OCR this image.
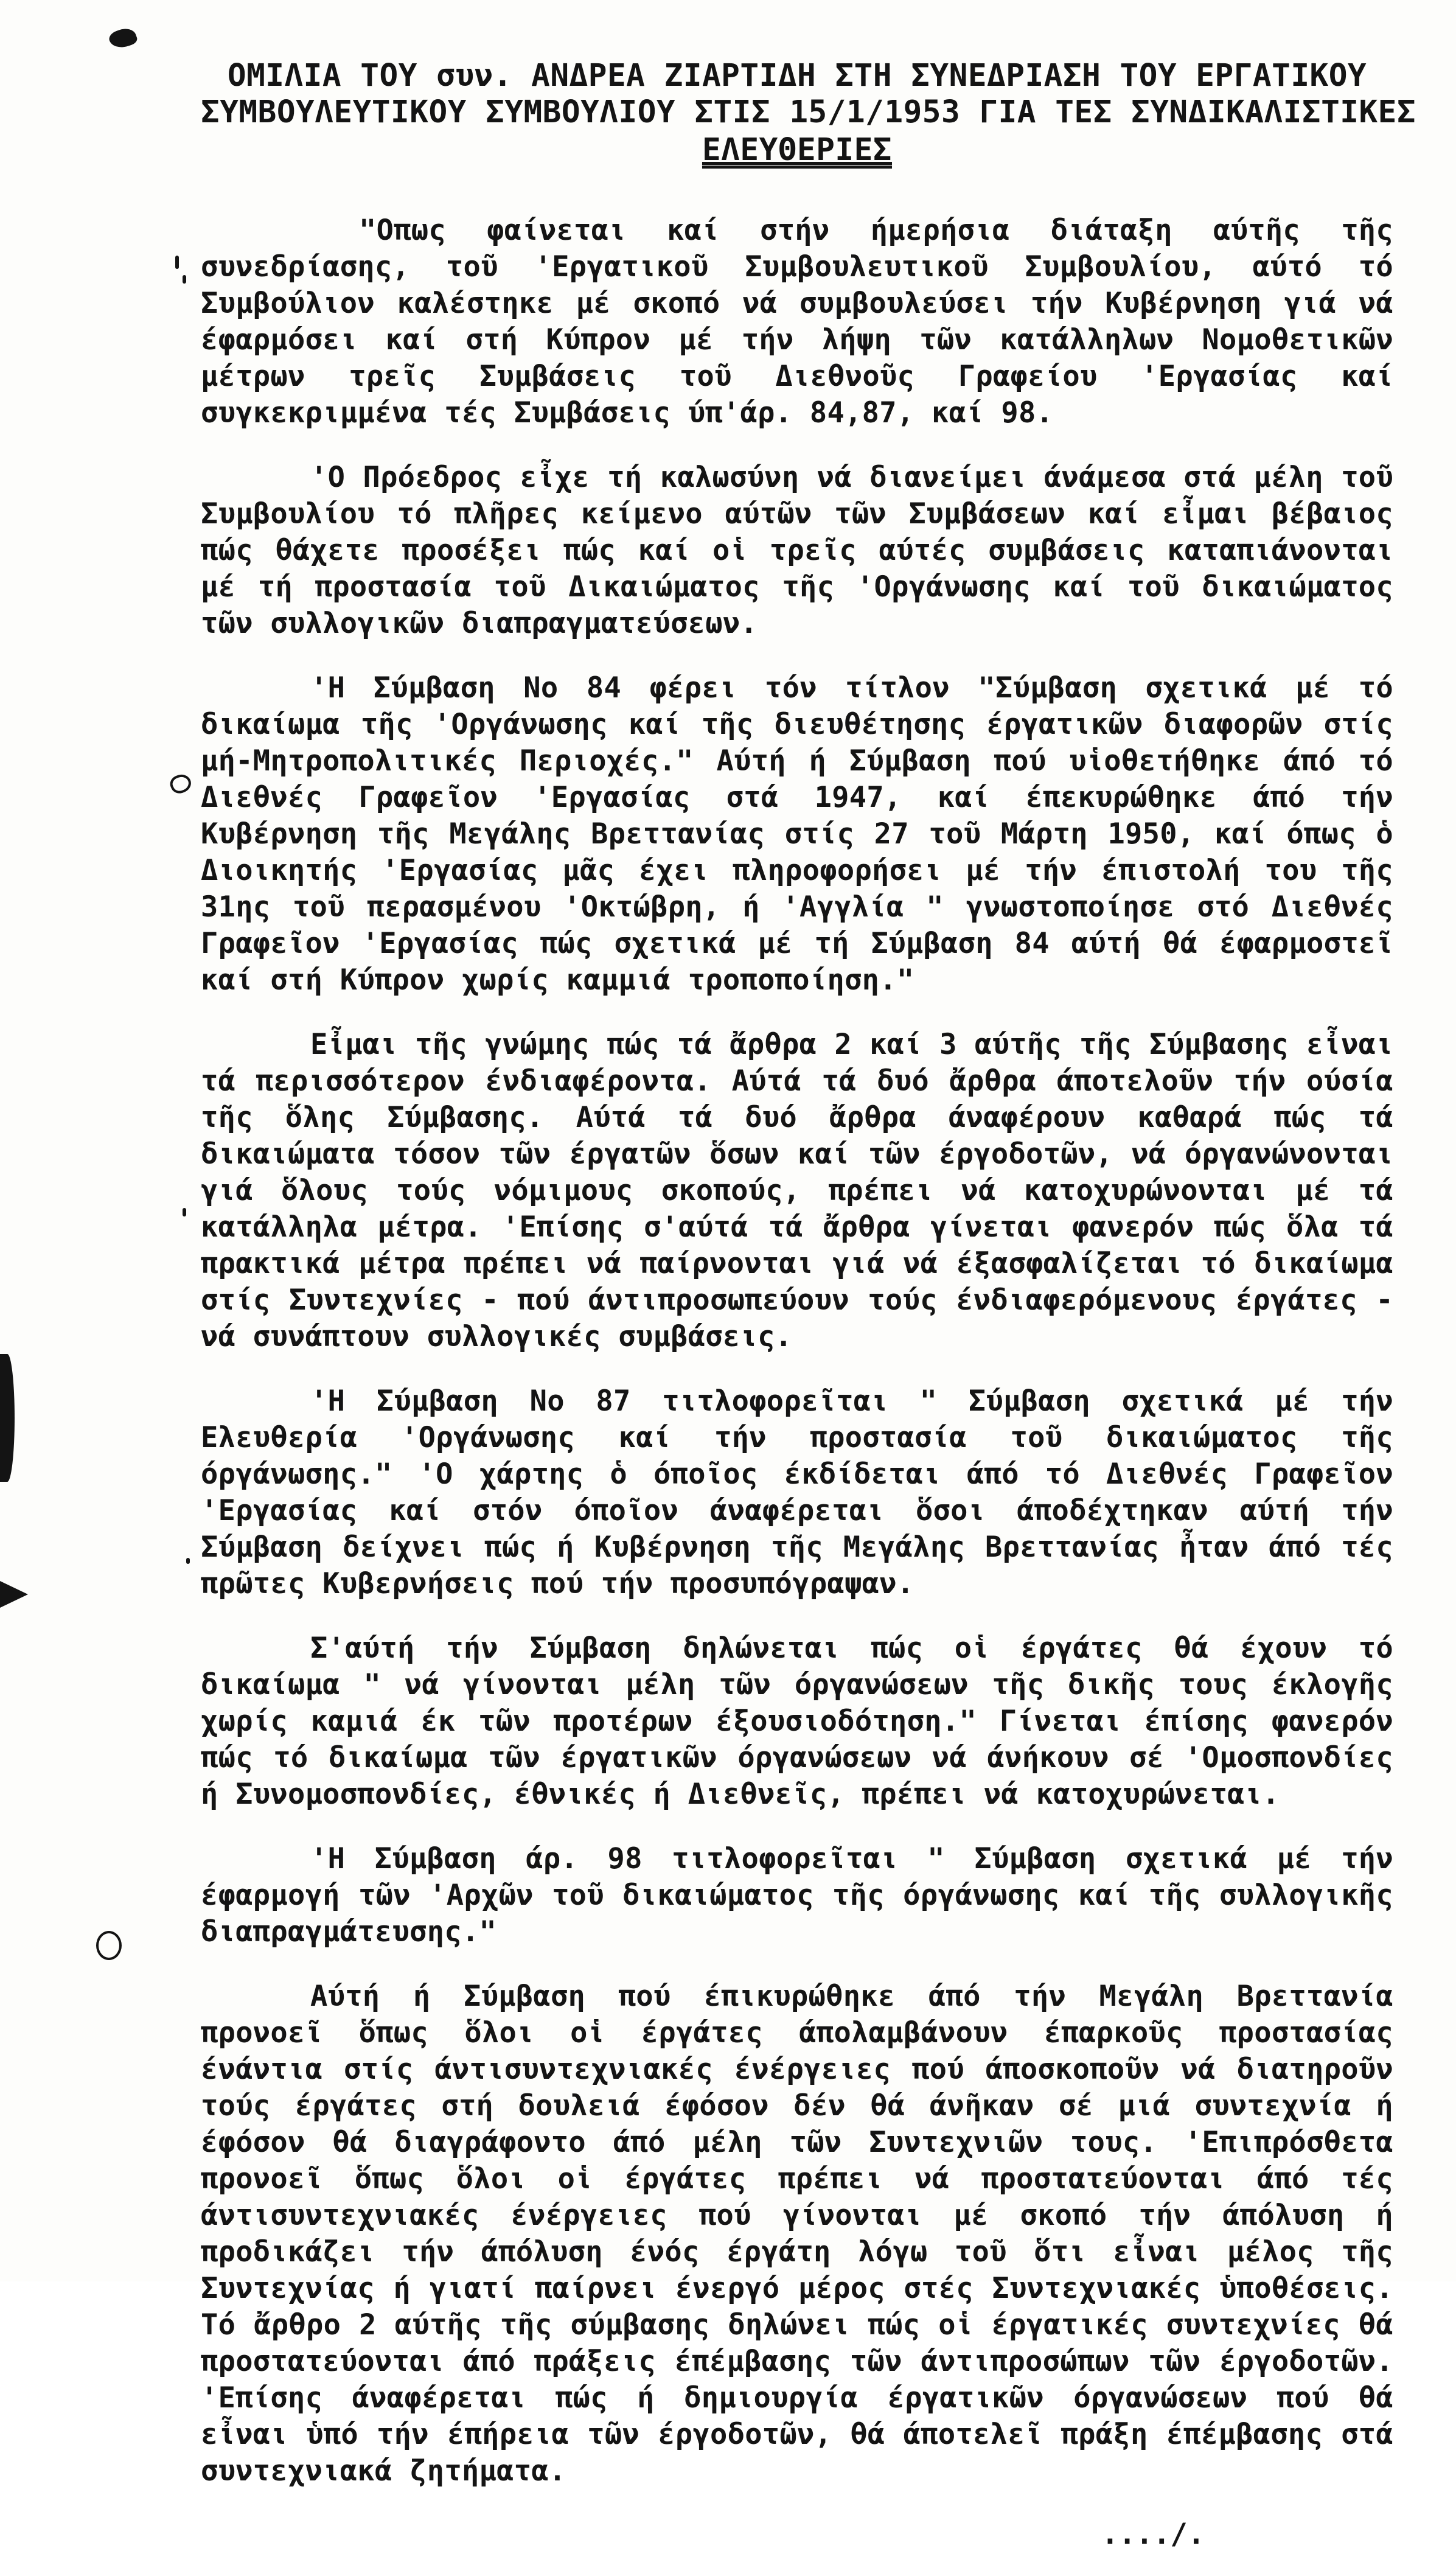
ΟΜΙΛΙΑ ΤΟΥ συν. ΑΝΔΡΕΑ ΖΙΑΡΤΙΔΗ ΣΤΗ ΣΥΝΕΔΡΙΑΣΗ ΤΟΥ ΕΡΓΑΤΙΚΟΥ
ΣΥΜΒΟΥΛΕΥΤΙΚΟΥ ΣΥΜΒΟΥΛΙΟΥ ΣΤΙΣ 15/1/1953 ΓΙΑ ΤΕΣ ΣΥΝΔΙΚΑΛΙΣΤΙΚΕΣ
ΕΛΕΥΘΕΡΙΕΣ

"Οπως φαίνεται καί στήν ήμερήσια διάταξη αύτῆς τῆς συνεδρίασης, τοῦ 'Εργατικοῦ Συμβουλευτικοῦ Συμβουλίου, αύτό τό Συμβούλιον καλέστηκε μέ σκοπό νά συμβουλεύσει τήν Κυβέρνηση γιά νά έφαρμόσει καί στή Κύπρον μέ τήν λήψη τῶν κατάλληλων Νομοθετικῶν μέτρων τρεῖς Συμβάσεις τοῦ Διεθνοῦς Γραφείου 'Εργασίας καί συγκεκριμμένα τές Συμβάσεις ύπ'άρ. 84,87, καί 98.

'Ο Πρόεδρος εἶχε τή καλωσύνη νά διανείμει άνάμεσα στά μέλη τοῦ Συμβουλίου τό πλῆρες κείμενο αύτῶν τῶν Συμβάσεων καί εἶμαι βέβαιος πώς θάχετε προσέξει πώς καί οἱ τρεῖς αύτές συμβάσεις καταπιάνονται μέ τή προστασία τοῦ Δικαιώματος τῆς 'Οργάνωσης καί τοῦ δικαιώματος τῶν συλλογικῶν διαπραγματεύσεων.

'Η Σύμβαση Νο 84 φέρει τόν τίτλον "Σύμβαση σχετικά μέ τό δικαίωμα τῆς 'Οργάνωσης καί τῆς διευθέτησης έργατικῶν διαφορῶν στίς μή-Μητροπολιτικές Περιοχές." Αύτή ή Σύμβαση πού υἱοθετήθηκε άπό τό Διεθνές Γραφεῖον 'Εργασίας στά 1947, καί έπεκυρώθηκε άπό τήν Κυβέρνηση τῆς Μεγάλης Βρεττανίας στίς 27 τοῦ Μάρτη 1950, καί όπως ὁ Διοικητής 'Εργασίας μᾶς έχει πληροφορήσει μέ τήν έπιστολή του τῆς 31ης τοῦ περασμένου 'Οκτώβρη, ή 'Αγγλία " γνωστοποίησε στό Διεθνές Γραφεῖον 'Εργασίας πώς σχετικά μέ τή Σύμβαση 84 αύτή θά έφαρμοστεῖ καί στή Κύπρον χωρίς καμμιά τροποποίηση."

Εἶμαι τῆς γνώμης πώς τά ἄρθρα 2 καί 3 αύτῆς τῆς Σύμβασης εἶναι τά περισσότερον ένδιαφέροντα. Αύτά τά δυό ἄρθρα άποτελοῦν τήν ούσία τῆς ὅλης Σύμβασης. Αύτά τά δυό ἄρθρα άναφέρουν καθαρά πώς τά δικαιώματα τόσον τῶν έργατῶν ὅσων καί τῶν έργοδοτῶν, νά όργανώνονται γιά ὅλους τούς νόμιμους σκοπούς, πρέπει νά κατοχυρώνονται μέ τά κατάλληλα μέτρα. 'Επίσης σ'αύτά τά ἄρθρα γίνεται φανερόν πώς ὅλα τά πρακτικά μέτρα πρέπει νά παίρνονται γιά νά έξασφαλίζεται τό δικαίωμα στίς Συντεχνίες - πού άντιπροσωπεύουν τούς ένδιαφερόμενους έργάτες - νά συνάπτουν συλλογικές συμβάσεις.

'Η Σύμβαση Νο 87 τιτλοφορεῖται " Σύμβαση σχετικά μέ τήν Ελευθερία 'Οργάνωσης καί τήν προστασία τοῦ δικαιώματος τῆς όργάνωσης." 'Ο χάρτης ὁ όποῖος έκδίδεται άπό τό Διεθνές Γραφεῖον 'Εργασίας καί στόν όποῖον άναφέρεται ὅσοι άποδέχτηκαν αύτή τήν Σύμβαση δείχνει πώς ή Κυβέρνηση τῆς Μεγάλης Βρεττανίας ἦταν άπό τές πρῶτες Κυβερνήσεις πού τήν προσυπόγραψαν.

Σ'αύτή τήν Σύμβαση δηλώνεται πώς οἱ έργάτες θά έχουν τό δικαίωμα " νά γίνονται μέλη τῶν όργανώσεων τῆς δικῆς τους έκλογῆς χωρίς καμιά έκ τῶν προτέρων έξουσιοδότηση." Γίνεται έπίσης φανερόν πώς τό δικαίωμα τῶν έργατικῶν όργανώσεων νά άνήκουν σέ 'Ομοσπονδίες ή Συνομοσπονδίες, έθνικές ή Διεθνεῖς, πρέπει νά κατοχυρώνεται.

'Η Σύμβαση άρ. 98 τιτλοφορεῖται " Σύμβαση σχετικά μέ τήν έφαρμογή τῶν 'Αρχῶν τοῦ δικαιώματος τῆς όργάνωσης καί τῆς συλλογικῆς διαπραγμάτευσης."

Αύτή ή Σύμβαση πού έπικυρώθηκε άπό τήν Μεγάλη Βρεττανία προνοεῖ ὅπως ὅλοι οἱ έργάτες άπολαμβάνουν έπαρκοῦς προστασίας ένάντια στίς άντισυντεχνιακές ένέργειες πού άποσκοποῦν νά διατηροῦν τούς έργάτες στή δουλειά έφόσον δέν θά άνῆκαν σέ μιά συντεχνία ή έφόσον θά διαγράφοντο άπό μέλη τῶν Συντεχνιῶν τους. 'Επιπρόσθετα προνοεῖ ὅπως ὅλοι οἱ έργάτες πρέπει νά προστατεύονται άπό τές άντισυντεχνιακές ένέργειες πού γίνονται μέ σκοπό τήν άπόλυση ή προδικάζει τήν άπόλυση ένός έργάτη λόγω τοῦ ὅτι εἶναι μέλος τῆς Συντεχνίας ή γιατί παίρνει ένεργό μέρος στές Συντεχνιακές ὑποθέσεις. Τό ἄρθρο 2 αύτῆς τῆς σύμβασης δηλώνει πώς οἱ έργατικές συντεχνίες θά προστατεύονται άπό πράξεις έπέμβασης τῶν άντιπροσώπων τῶν έργοδοτῶν. 'Επίσης άναφέρεται πώς ή δημιουργία έργατικῶν όργανώσεων πού θά εἶναι ὑπό τήν έπήρεια τῶν έργοδοτῶν, θά άποτελεῖ πράξη έπέμβασης στά συντεχνιακά ζητήματα.

..../.
